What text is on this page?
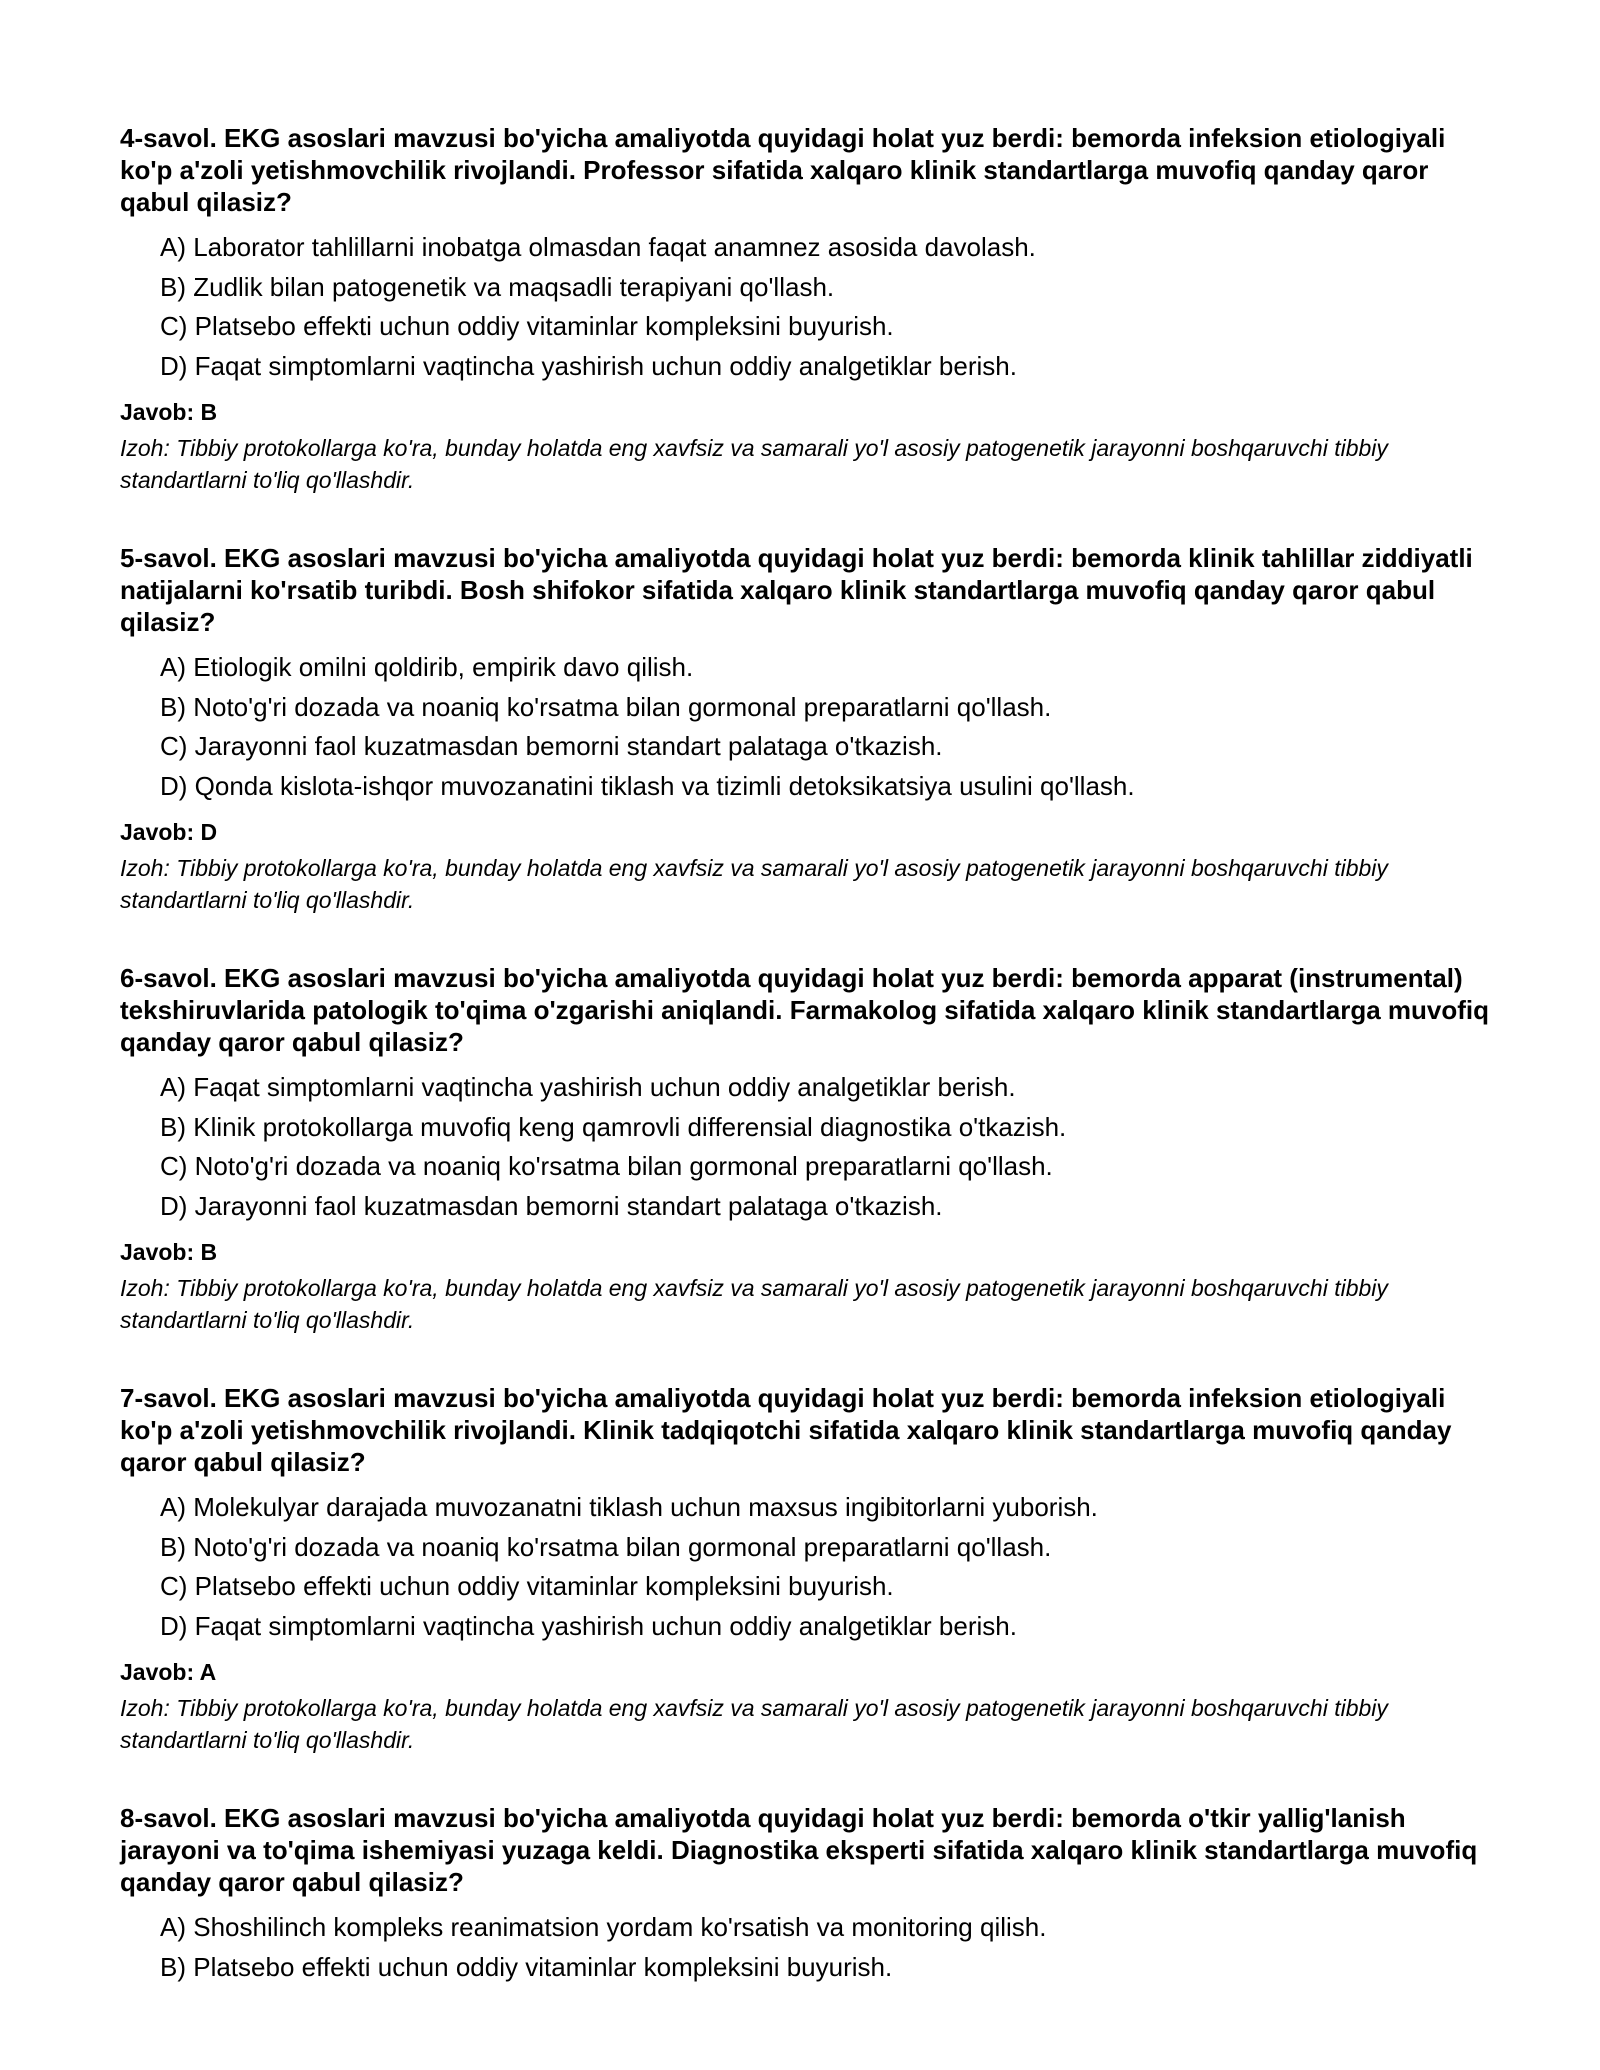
4-savol. EKG asoslari mavzusi bo'yicha amaliyotda quyidagi holat yuz berdi: bemorda infeksion etiologiyali ko'p a'zoli yetishmovchilik rivojlandi. Professor sifatida xalqaro klinik standartlarga muvofiq qanday qaror qabul qilasiz?
A) Laborator tahlillarni inobatga olmasdan faqat anamnez asosida davolash.
B) Zudlik bilan patogenetik va maqsadli terapiyani qo'llash.
C) Platsebo effekti uchun oddiy vitaminlar kompleksini buyurish.
D) Faqat simptomlarni vaqtincha yashirish uchun oddiy analgetiklar berish.
Javob: B
Izoh: Tibbiy protokollarga ko'ra, bunday holatda eng xavfsiz va samarali yo'l asosiy patogenetik jarayonni boshqaruvchi tibbiy standartlarni to'liq qo'llashdir.
5-savol. EKG asoslari mavzusi bo'yicha amaliyotda quyidagi holat yuz berdi: bemorda klinik tahlillar ziddiyatli natijalarni ko'rsatib turibdi. Bosh shifokor sifatida xalqaro klinik standartlarga muvofiq qanday qaror qabul qilasiz?
A) Etiologik omilni qoldirib, empirik davo qilish.
B) Noto'g'ri dozada va noaniq ko'rsatma bilan gormonal preparatlarni qo'llash.
C) Jarayonni faol kuzatmasdan bemorni standart palataga o'tkazish.
D) Qonda kislota-ishqor muvozanatini tiklash va tizimli detoksikatsiya usulini qo'llash.
Javob: D
Izoh: Tibbiy protokollarga ko'ra, bunday holatda eng xavfsiz va samarali yo'l asosiy patogenetik jarayonni boshqaruvchi tibbiy standartlarni to'liq qo'llashdir.
6-savol. EKG asoslari mavzusi bo'yicha amaliyotda quyidagi holat yuz berdi: bemorda apparat (instrumental) tekshiruvlarida patologik to'qima o'zgarishi aniqlandi. Farmakolog sifatida xalqaro klinik standartlarga muvofiq qanday qaror qabul qilasiz?
A) Faqat simptomlarni vaqtincha yashirish uchun oddiy analgetiklar berish.
B) Klinik protokollarga muvofiq keng qamrovli differensial diagnostika o'tkazish.
C) Noto'g'ri dozada va noaniq ko'rsatma bilan gormonal preparatlarni qo'llash.
D) Jarayonni faol kuzatmasdan bemorni standart palataga o'tkazish.
Javob: B
Izoh: Tibbiy protokollarga ko'ra, bunday holatda eng xavfsiz va samarali yo'l asosiy patogenetik jarayonni boshqaruvchi tibbiy standartlarni to'liq qo'llashdir.
7-savol. EKG asoslari mavzusi bo'yicha amaliyotda quyidagi holat yuz berdi: bemorda infeksion etiologiyali ko'p a'zoli yetishmovchilik rivojlandi. Klinik tadqiqotchi sifatida xalqaro klinik standartlarga muvofiq qanday qaror qabul qilasiz?
A) Molekulyar darajada muvozanatni tiklash uchun maxsus ingibitorlarni yuborish.
B) Noto'g'ri dozada va noaniq ko'rsatma bilan gormonal preparatlarni qo'llash.
C) Platsebo effekti uchun oddiy vitaminlar kompleksini buyurish.
D) Faqat simptomlarni vaqtincha yashirish uchun oddiy analgetiklar berish.
Javob: A
Izoh: Tibbiy protokollarga ko'ra, bunday holatda eng xavfsiz va samarali yo'l asosiy patogenetik jarayonni boshqaruvchi tibbiy standartlarni to'liq qo'llashdir.
8-savol. EKG asoslari mavzusi bo'yicha amaliyotda quyidagi holat yuz berdi: bemorda o'tkir yallig'lanish jarayoni va to'qima ishemiyasi yuzaga keldi. Diagnostika eksperti sifatida xalqaro klinik standartlarga muvofiq qanday qaror qabul qilasiz?
A) Shoshilinch kompleks reanimatsion yordam ko'rsatish va monitoring qilish.
B) Platsebo effekti uchun oddiy vitaminlar kompleksini buyurish.
